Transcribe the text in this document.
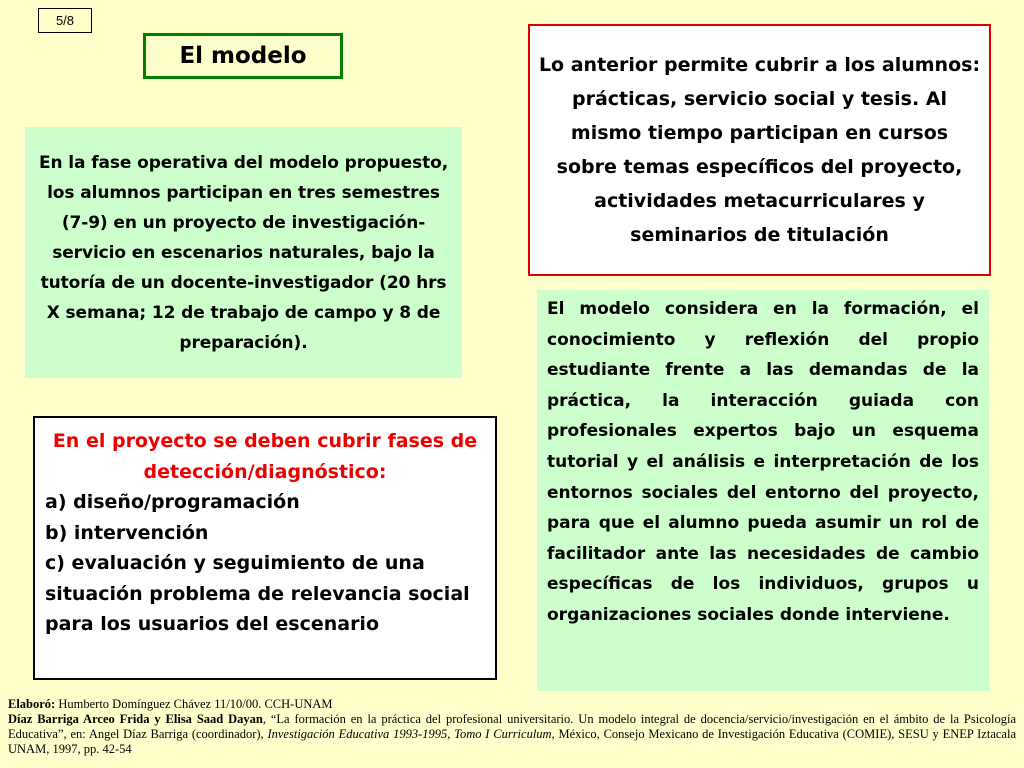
5/8
El modelo
En la fase operativa del modelo propuesto, los alumnos participan en tres semestres (7-9) en un proyecto de investigación-servicio en escenarios naturales, bajo la tutoría de un docente-investigador (20 hrs X semana; 12 de trabajo de campo y 8 de preparación).
Lo anterior permite cubrir a los alumnos: prácticas, servicio social y tesis. Al mismo tiempo participan en cursos sobre temas específicos del proyecto, actividades metacurriculares y seminarios de titulación
El modelo considera en la formación, el conocimiento y reflexión del propio estudiante frente a las demandas de la práctica, la interacción guiada con profesionales expertos bajo un esquema tutorial y el análisis e interpretación de los entornos sociales del entorno del proyecto, para que el alumno pueda asumir un rol de facilitador ante las necesidades de cambio específicas de los individuos, grupos u organizaciones sociales donde interviene.
En el proyecto se deben cubrir fases de detección/diagnóstico:
a) diseño/programación
b) intervención
c) evaluación y seguimiento de una situación problema de relevancia social para los usuarios del escenario
Elaboró: Humberto Domínguez Chávez 11/10/00. CCH-UNAM
Díaz Barriga Arceo Frida y Elisa Saad Dayan, “La formación en la práctica del profesional universitario. Un modelo integral de docencia/servicio/investigación en el ámbito de la Psicología Educativa”, en: Angel Díaz Barriga (coordinador), Investigación Educativa 1993-1995, Tomo I Curriculum, México, Consejo Mexicano de Investigación Educativa (COMIE), SESU y ENEP Iztacala UNAM, 1997, pp. 42-54
